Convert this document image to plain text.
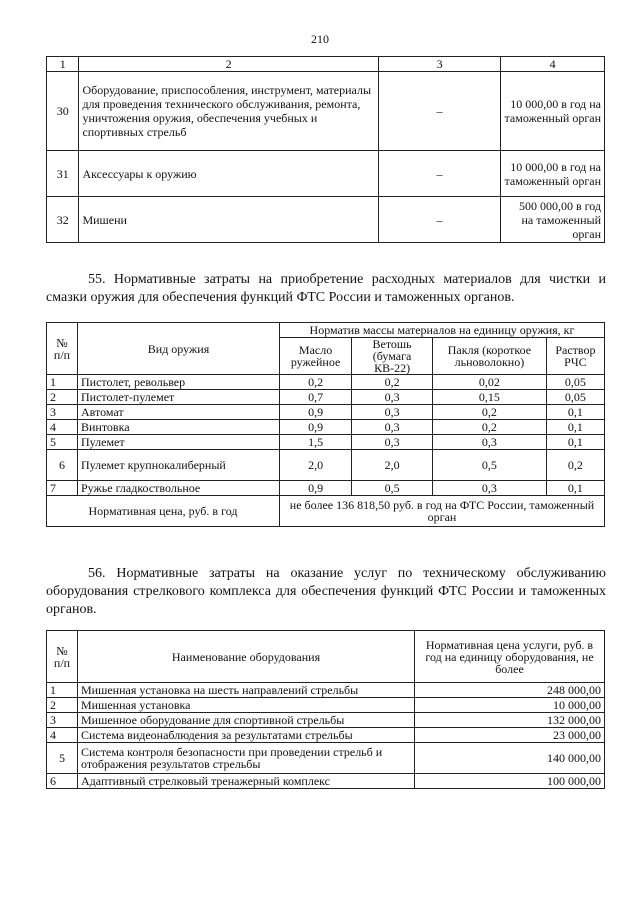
210
1	2	3	4
30	Оборудование, приспособления, инструмент, материалы для проведения технического обслуживания, ремонта, уничтожения оружия, обеспечения учебных и спортивных стрельб	–	10 000,00 в год на таможенный орган
31	Аксессуары к оружию	–	10 000,00 в год на таможенный орган
32	Мишени	–	500 000,00 в год на таможенный орган
55. Нормативные затраты на приобретение расходных материалов для чистки и смазки оружия для обеспечения функций ФТС России и таможенных органов.
№ п/п	Вид оружия	Норматив массы материалов на единицу оружия, кг			
		Масло ружейное	Ветошь (бумага КВ-22)	Пакля (короткое льноволокно)	Раствор РЧС
1	Пистолет, револьвер	0,2	0,2	0,02	0,05
2	Пистолет-пулемет	0,7	0,3	0,15	0,05
3	Автомат	0,9	0,3	0,2	0,1
4	Винтовка	0,9	0,3	0,2	0,1
5	Пулемет	1,5	0,3	0,3	0,1
6	Пулемет крупнокалиберный	2,0	2,0	0,5	0,2
7	Ружье гладкоствольное	0,9	0,5	0,3	0,1
Нормативная цена, руб. в год		не более 136 818,50 руб. в год на ФТС России, таможенный орган			
56. Нормативные затраты на оказание услуг по техническому обслуживанию оборудования стрелкового комплекса для обеспечения функций ФТС России и таможенных органов.
№ п/п	Наименование оборудования	Нормативная цена услуги, руб. в год на единицу оборудования, не более
1	Мишенная установка на шесть направлений стрельбы	248 000,00
2	Мишенная установка	10 000,00
3	Мишенное оборудование для спортивной стрельбы	132 000,00
4	Система видеонаблюдения за результатами стрельбы	23 000,00
5	Система контроля безопасности при проведении стрельб и отображения результатов стрельбы	140 000,00
6	Адаптивный стрелковый тренажерный комплекс	100 000,00
